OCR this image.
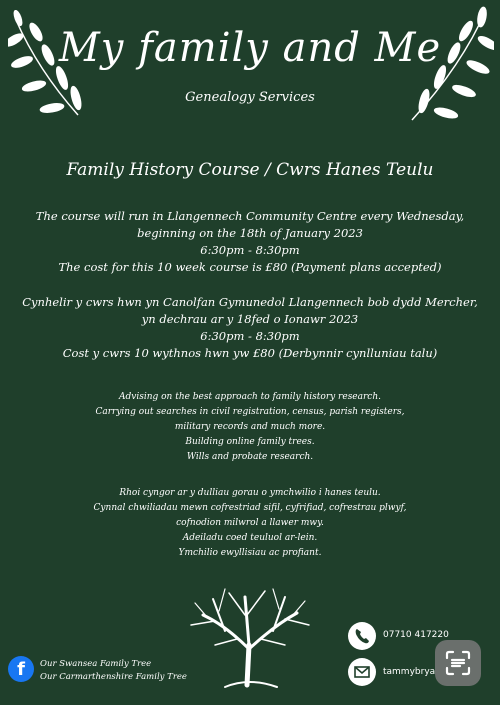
My family and Me
Genealogy Services
Family History Course / Cwrs Hanes Teulu

The course will run in Llangennech Community Centre every Wednesday,

beginning on the 18th of January 2023

6:30pm - 8:30pm

The cost for this 10 week course is £80 (Payment plans accepted)

Cynhelir y cwrs hwn yn Canolfan Gymunedol Llangennech bob dydd Mercher,

yn dechrau ar y 18fed o Ionawr 2023

6:30pm - 8:30pm

Cost y cwrs 10 wythnos hwn yw £80 (Derbynnir cynlluniau talu)

Advising on the best approach to family history research.

Carrying out searches in civil registration, census, parish registers,

military records and much more.

Building online family trees.

Wills and probate research.

Rhoi cyngor ar y dulliau gorau o ymchwilio i hanes teulu.

Cynnal chwiliadau mewn cofrestriad sifil, cyfrifiad, cofrestrau plwyf,

cofnodion milwrol a llawer mwy.

Adeiladu coed teuluol ar-lein.

Ymchilio ewyllisiau ac profiant.

f	Our Swansea Family Tree

Our Carmarthenshire Family Tree

07710 417220
tammybrya
